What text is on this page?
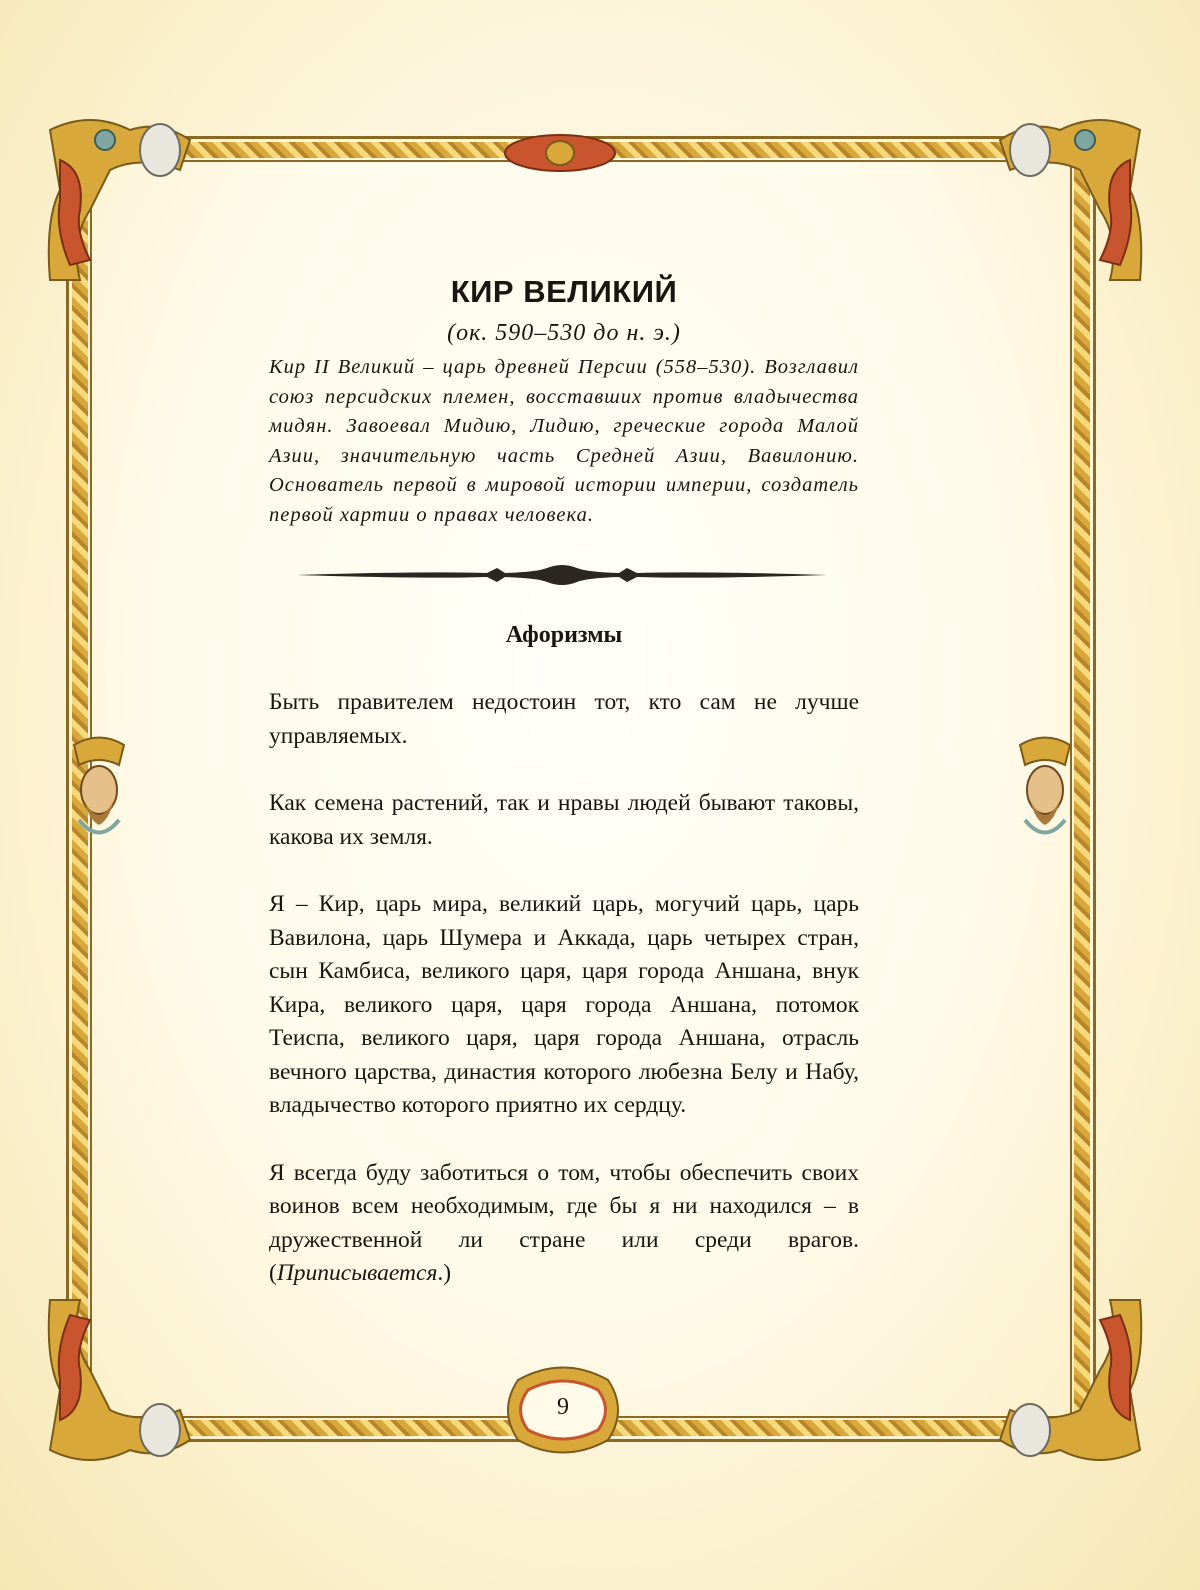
КИР ВЕЛИКИЙ
(ок. 590–530 до н. э.)

Кир II Великий – царь древней Персии (558–530). Возглавил союз персидских племен, восставших против владычества мидян. Завоевал Мидию, Лидию, греческие города Малой Азии, значительную часть Средней Азии, Вавилонию. Основатель первой в мировой истории империи, создатель первой хартии о правах человека.

Афоризмы

Быть правителем недостоин тот, кто сам не лучше управляемых.

Как семена растений, так и нравы людей бывают таковы, какова их земля.

Я – Кир, царь мира, великий царь, могучий царь, царь Вавилона, царь Шумера и Аккада, царь четырех стран, сын Камбиса, великого царя, царя города Аншана, внук Кира, великого царя, царя города Аншана, потомок Теиспа, великого царя, царя города Аншана, отрасль вечного царства, династия которого любезна Белу и Набу, владычество которого приятно их сердцу.

Я всегда буду заботиться о том, чтобы обеспечить своих воинов всем необходимым, где бы я ни находился – в дружественной ли стране или среди врагов. (Приписывается.)

9
